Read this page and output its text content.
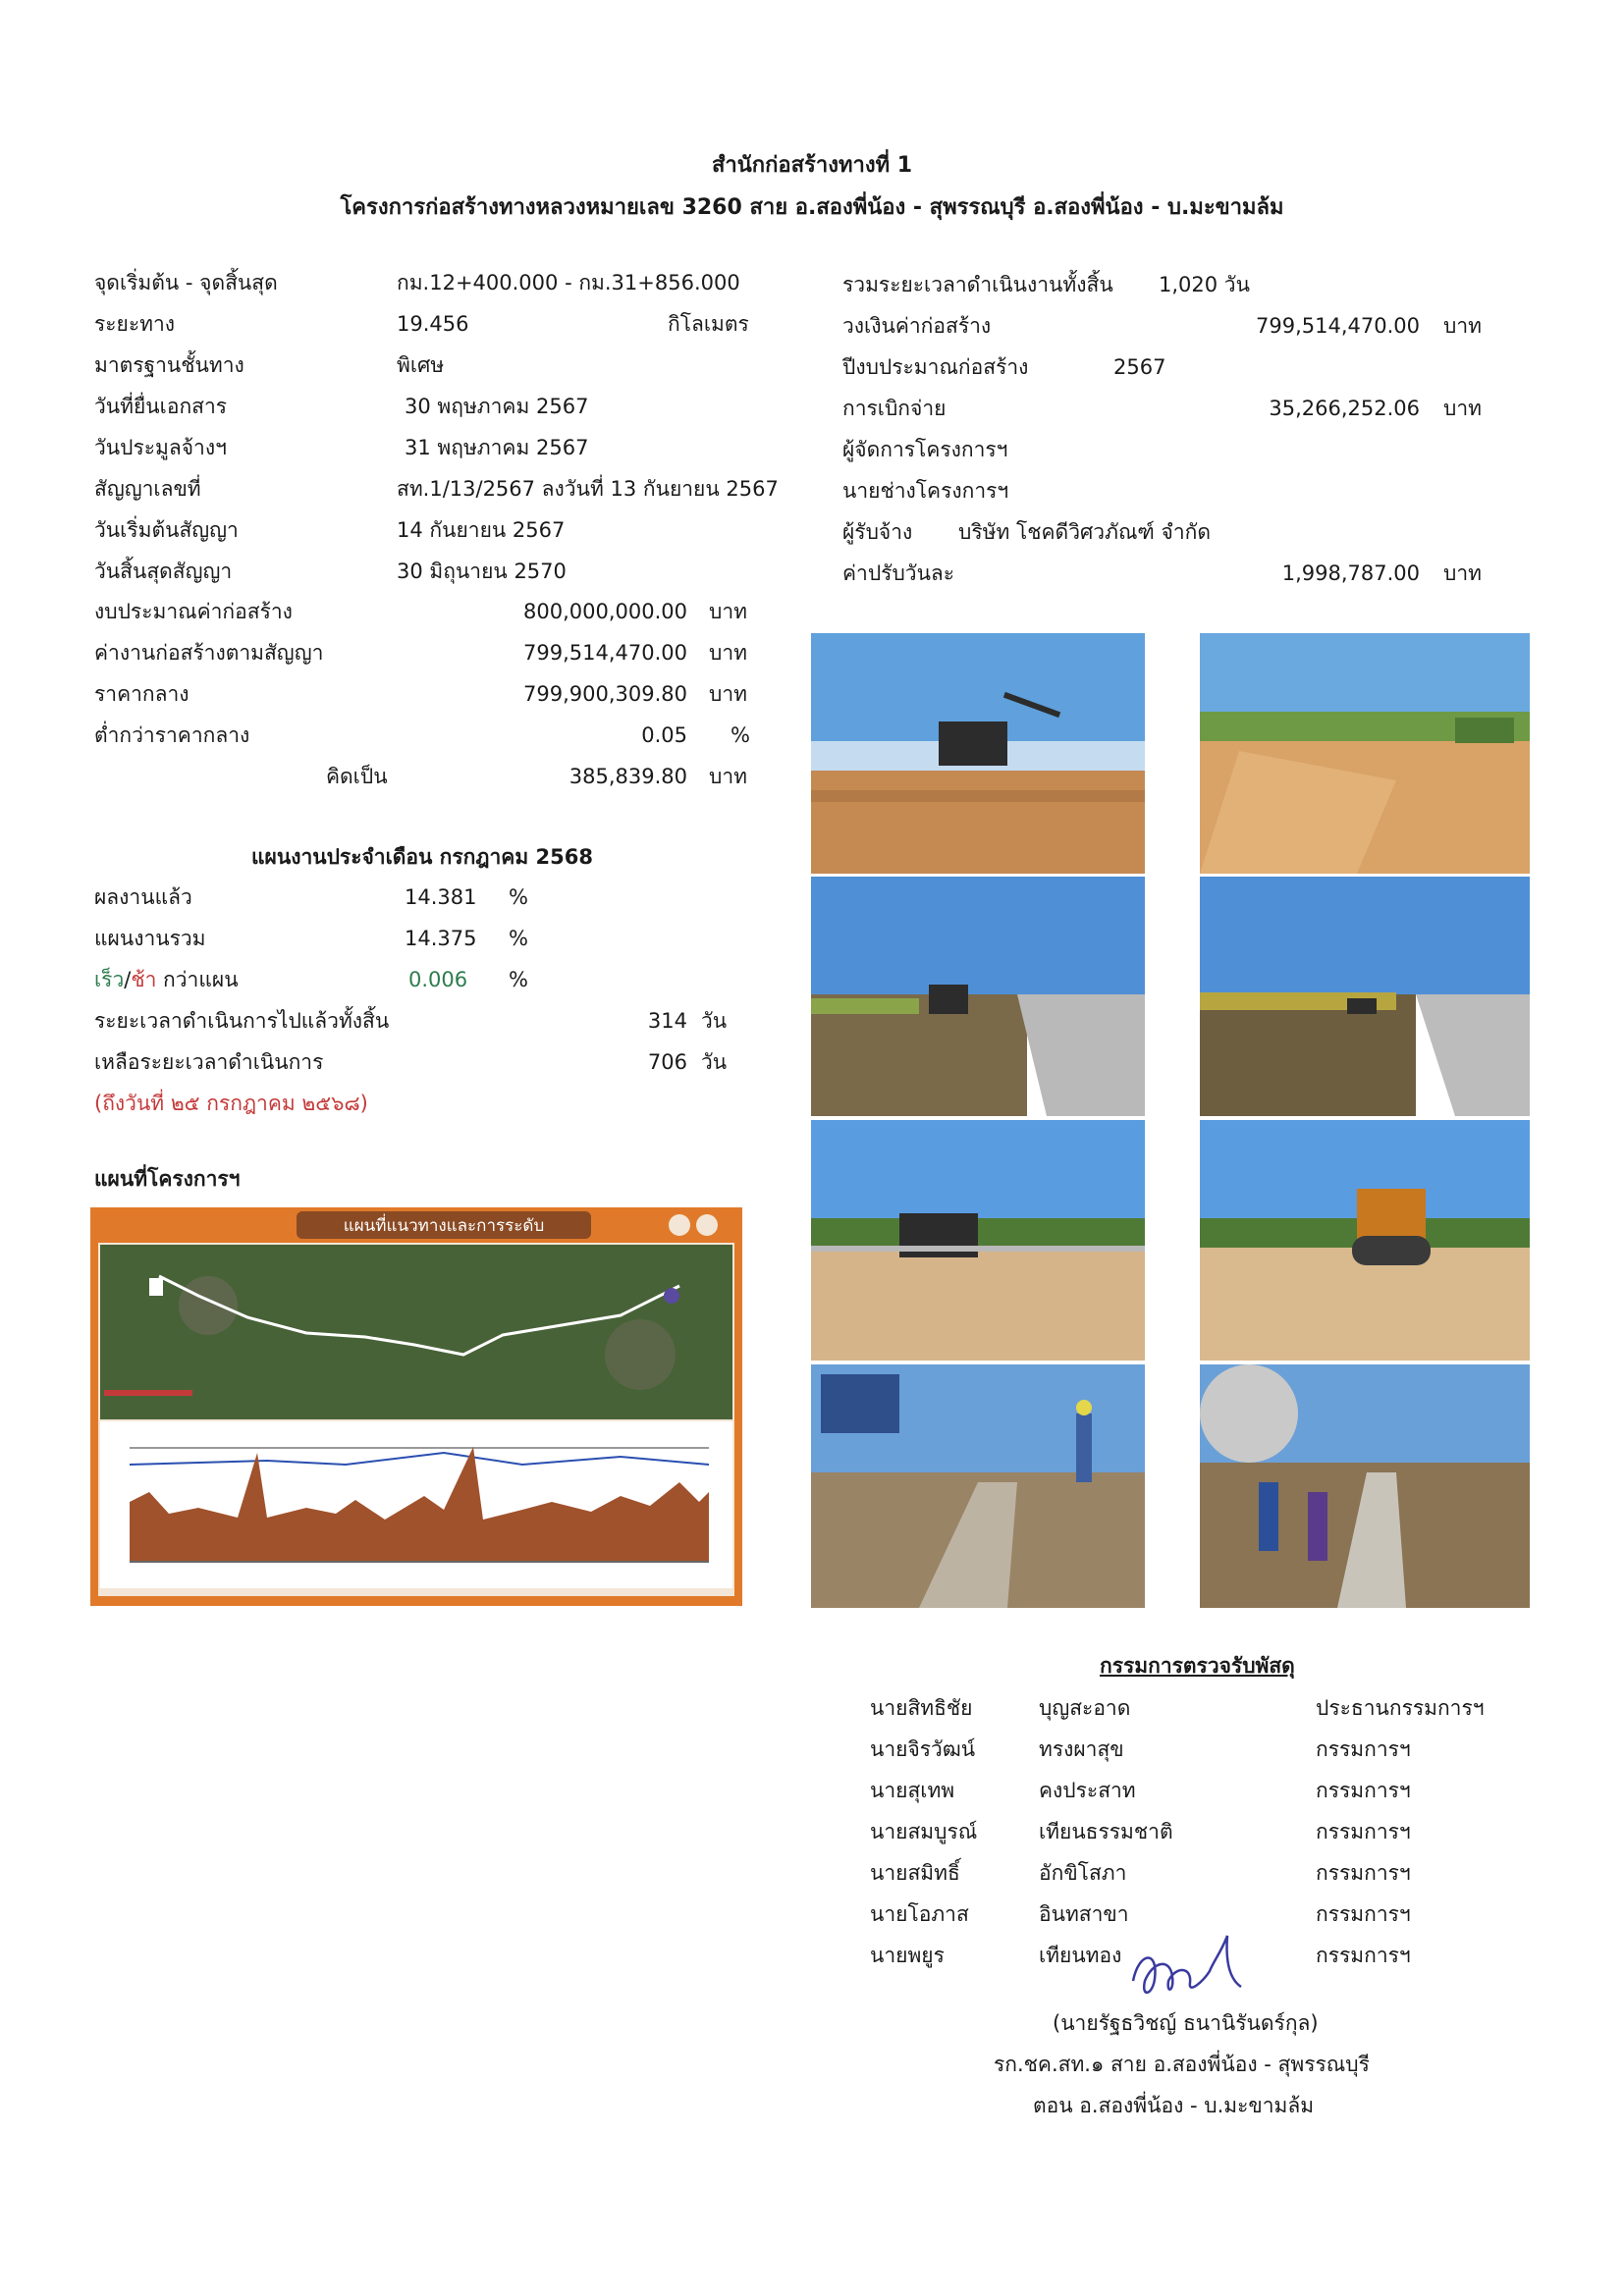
สำนักก่อสร้างทางที่ 1
โครงการก่อสร้างทางหลวงหมายเลข 3260 สาย อ.สองพี่น้อง - สุพรรณบุรี อ.สองพี่น้อง - บ.มะขามล้ม
จุดเริ่มต้น - จุดสิ้นสุด	กม.12+400.000 - กม.31+856.000
ระยะทาง	19.456	กิโลเมตร
มาตรฐานชั้นทาง	พิเศษ
วันที่ยื่นเอกสาร	30 พฤษภาคม 2567
วันประมูลจ้างฯ	31 พฤษภาคม 2567
สัญญาเลขที่	สท.1/13/2567 ลงวันที่ 13 กันยายน 2567
วันเริ่มต้นสัญญา	14 กันยายน 2567
วันสิ้นสุดสัญญา	30 มิถุนายน 2570
งบประมาณค่าก่อสร้าง	800,000,000.00 บาท
ค่างานก่อสร้างตามสัญญา	799,514,470.00 บาท
ราคากลาง	799,900,309.80 บาท
ต่ำกว่าราคากลาง	0.05 %
คิดเป็น	385,839.80 บาท
รวมระยะเวลาดำเนินงานทั้งสิ้น 1,020 วัน
วงเงินค่าก่อสร้าง	799,514,470.00 บาท
ปีงบประมาณก่อสร้าง	2567
การเบิกจ่าย	35,266,252.06 บาท
ผู้จัดการโครงการฯ
นายช่างโครงการฯ
ผู้รับจ้าง บริษัท โชคดีวิศวภัณฑ์ จำกัด
ค่าปรับวันละ	1,998,787.00 บาท
แผนงานประจำเดือน กรกฎาคม 2568
ผลงานแล้ว	14.381 %
แผนงานรวม	14.375 %
เร็ว/ช้า กว่าแผน	0.006 %
ระยะเวลาดำเนินการไปแล้วทั้งสิ้น	314 วัน
เหลือระยะเวลาดำเนินการ	706 วัน
(ถึงวันที่ ๒๕ กรกฎาคม ๒๕๖๘)
แผนที่โครงการฯ
แผนที่แนวทางและการระดับ
กรรมการตรวจรับพัสดุ
นายสิทธิชัย	บุญสะอาด	ประธานกรรมการฯ
นายจิรวัฒน์	ทรงผาสุข	กรรมการฯ
นายสุเทพ	คงประสาท	กรรมการฯ
นายสมบูรณ์	เทียนธรรมชาติ	กรรมการฯ
นายสมิทธิ์	อักขิโสภา	กรรมการฯ
นายโอภาส	อินทสาขา	กรรมการฯ
นายพยูร	เทียนทอง	กรรมการฯ
(นายรัฐธวิชญ์ ธนานิรันดร์กุล)
รก.ชค.สท.๑ สาย อ.สองพี่น้อง - สุพรรณบุรี
ตอน อ.สองพี่น้อง - บ.มะขามล้ม
